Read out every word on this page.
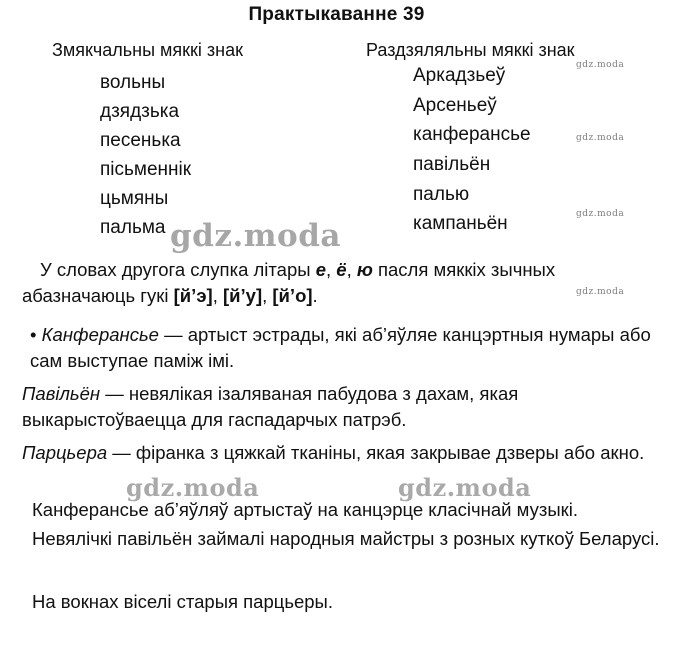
Практыкаванне 39
Змякчальны мяккі знак	Раздзяляльны мяккі знак
вольны
дзядзька
песенька
пісьменнік
цьмяны
пальма
Аркадзьеў
Арсеньеў
канферансье
павільён
палью
кампаньён
У словах другога слупка літары е, ё, ю пасля мяккіх зычных абазначаюць гукі [й’э], [й’у], [й’о].
• Канферансье — артыст эстрады, які аб’яўляе канцэртныя нумары або сам выступае паміж імі.
Павільён — невялікая ізаляваная пабудова з дахам, якая выкарыстоўваецца для гаспадарчых патрэб.
Парцьера — фіранка з цяжкай тканіны, якая закрывае дзверы або акно.
Канферансье аб’яўляў артыстаў на канцэрце класічнай музыкі.
Невялічкі павільён займалі народныя майстры з розных куткоў Беларусі.
На вокнах віселі старыя парцьеры.
gdz.moda
gdz.moda
gdz.moda
gdz.moda
gdz.moda
gdz.moda	gdz.moda
